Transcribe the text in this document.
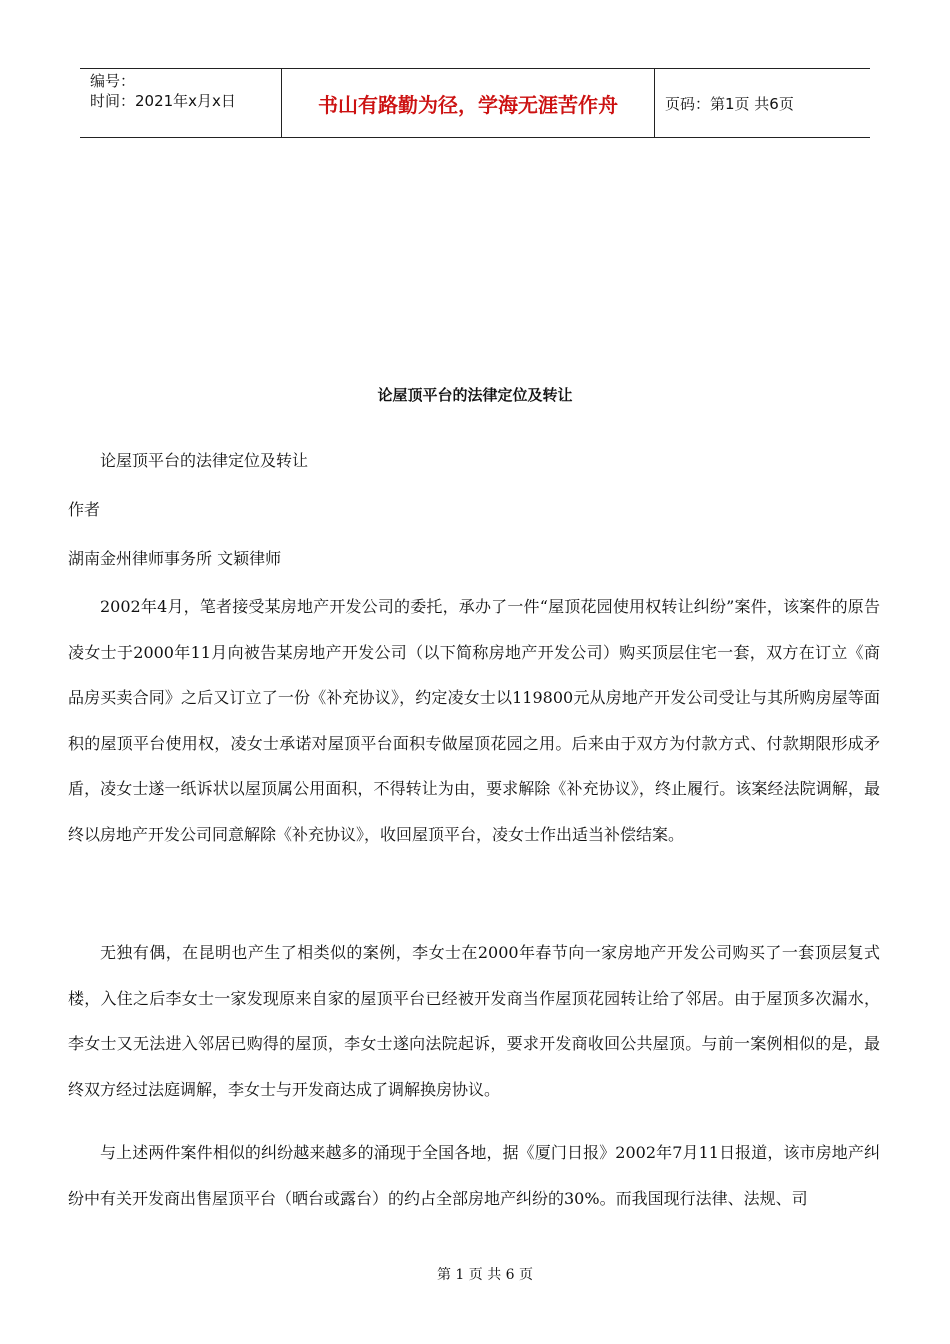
编号：
时间：2021年x月x日	书山有路勤为径，学海无涯苦作舟	页码：第1页 共6页
论屋顶平台的法律定位及转让
论屋顶平台的法律定位及转让
作者
湖南金州律师事务所 文颖律师

2002年4月，笔者接受某房地产开发公司的委托，承办了一件“屋顶花园使用权转让纠纷”案件，该案件的原告凌女士于2000年11月向被告某房地产开发公司（以下简称房地产开发公司）购买顶层住宅一套，双方在订立《商品房买卖合同》之后又订立了一份《补充协议》，约定凌女士以119800元从房地产开发公司受让与其所购房屋等面积的屋顶平台使用权，凌女士承诺对屋顶平台面积专做屋顶花园之用。后来由于双方为付款方式、付款期限形成矛盾，凌女士遂一纸诉状以屋顶属公用面积，不得转让为由，要求解除《补充协议》，终止履行。该案经法院调解，最终以房地产开发公司同意解除《补充协议》，收回屋顶平台，凌女士作出适当补偿结案。

无独有偶，在昆明也产生了相类似的案例，李女士在2000年春节向一家房地产开发公司购买了一套顶层复式楼，入住之后李女士一家发现原来自家的屋顶平台已经被开发商当作屋顶花园转让给了邻居。由于屋顶多次漏水，李女士又无法进入邻居已购得的屋顶，李女士遂向法院起诉，要求开发商收回公共屋顶。与前一案例相似的是，最终双方经过法庭调解，李女士与开发商达成了调解换房协议。

与上述两件案件相似的纠纷越来越多的涌现于全国各地，据《厦门日报》2002年7月11日报道，该市房地产纠纷中有关开发商出售屋顶平台（晒台或露台）的约占全部房地产纠纷的30%。而我国现行法律、法规、司

第 1 页 共 6 页
